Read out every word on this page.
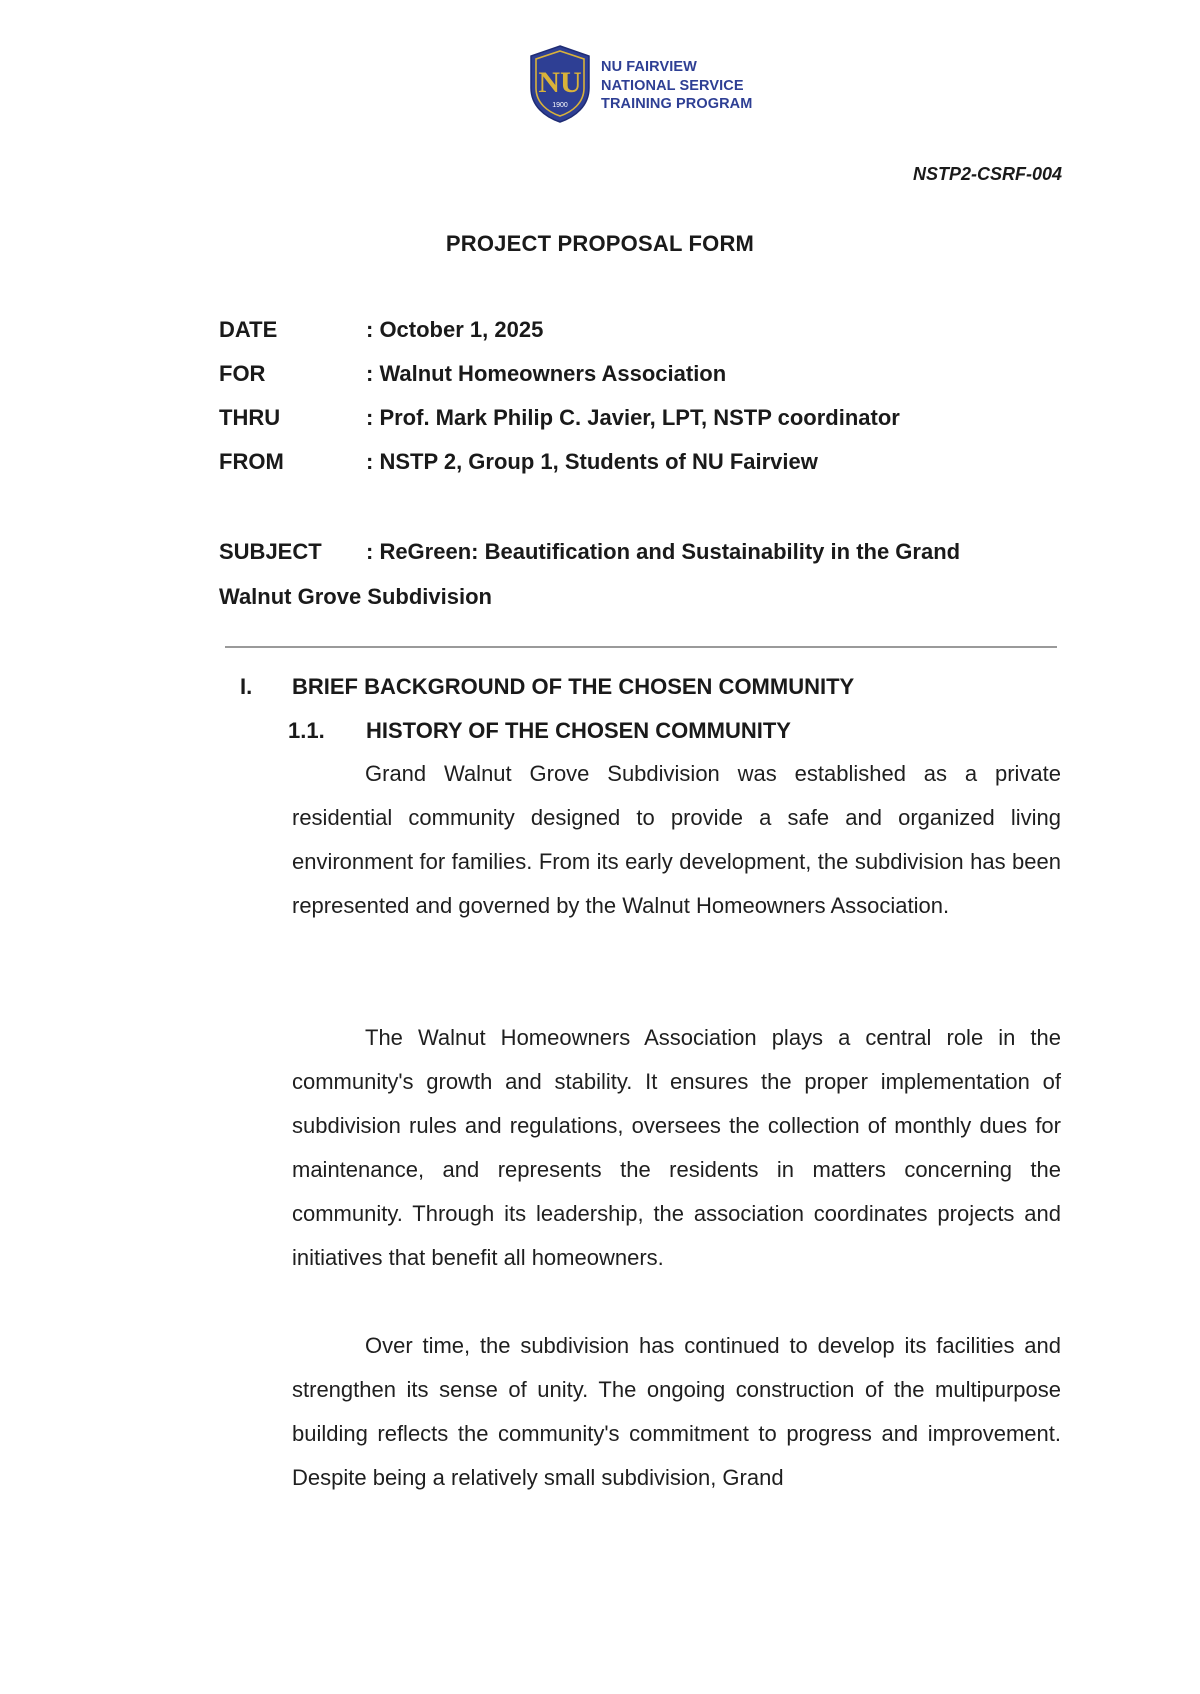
NU
1900
NU FAIRVIEW
NATIONAL SERVICE
TRAINING PROGRAM
NSTP2-CSRF-004
PROJECT PROPOSAL FORM
DATE	: October 1, 2025
FOR	: Walnut Homeowners Association
THRU	: Prof. Mark Philip C. Javier, LPT, NSTP coordinator
FROM	: NSTP 2, Group 1, Students of NU Fairview
SUBJECT : ReGreen: Beautification and Sustainability in the Grand
Walnut Grove Subdivision
I. BRIEF BACKGROUND OF THE CHOSEN COMMUNITY
1.1. HISTORY OF THE CHOSEN COMMUNITY
Grand Walnut Grove Subdivision was established as a private residential community designed to provide a safe and organized living environment for families. From its early development, the subdivision has been represented and governed by the Walnut Homeowners Association.
The Walnut Homeowners Association plays a central role in the community's growth and stability. It ensures the proper implementation of subdivision rules and regulations, oversees the collection of monthly dues for maintenance, and represents the residents in matters concerning the community. Through its leadership, the association coordinates projects and initiatives that benefit all homeowners.
Over time, the subdivision has continued to develop its facilities and strengthen its sense of unity. The ongoing construction of the multipurpose building reflects the community's commitment to progress and improvement. Despite being a relatively small subdivision, Grand
